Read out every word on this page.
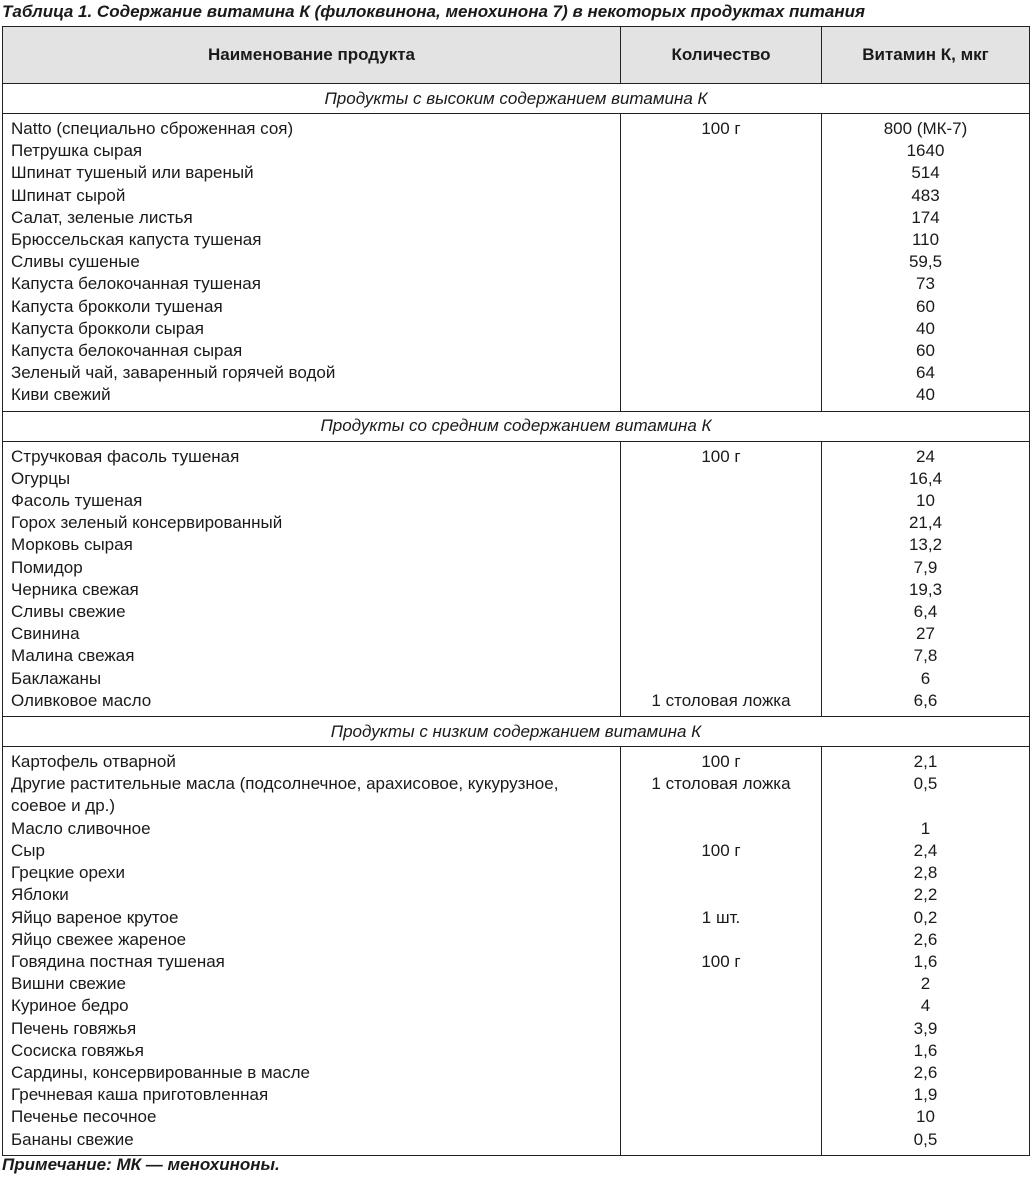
Таблица 1. Содержание витамина К (филоквинона, менохинона 7) в некоторых продуктах питания
Наименование продукта	Количество	Витамин К, мкг
Продукты с высоким содержанием витамина К		
Natto (специально сброженная соя)	100 г	800 (МК-7)
Петрушка сырая		1640
Шпинат тушеный или вареный		514
Шпинат сырой		483
Салат, зеленые листья		174
Брюссельская капуста тушеная		110
Сливы сушеные		59,5
Капуста белокочанная тушеная		73
Капуста брокколи тушеная		60
Капуста брокколи сырая		40
Капуста белокочанная сырая		60
Зеленый чай, заваренный горячей водой		64
Киви свежий		40
Продукты со средним содержанием витамина К		
Стручковая фасоль тушеная	100 г	24
Огурцы		16,4
Фасоль тушеная		10
Горох зеленый консервированный		21,4
Морковь сырая		13,2
Помидор		7,9
Черника свежая		19,3
Сливы свежие		6,4
Свинина		27
Малина свежая		7,8
Баклажаны		6
Оливковое масло	1 столовая ложка	6,6
Продукты с низким содержанием витамина К		
Картофель отварной	100 г	2,1
Другие растительные масла (подсолнечное, арахисовое, кукурузное, соевое и др.)	1 столовая ложка	0,5
Масло сливочное		1
Сыр	100 г	2,4
Грецкие орехи		2,8
Яблоки		2,2
Яйцо вареное крутое	1 шт.	0,2
Яйцо свежее жареное		2,6
Говядина постная тушеная	100 г	1,6
Вишни свежие		2
Куриное бедро		4
Печень говяжья		3,9
Сосиска говяжья		1,6
Сардины, консервированные в масле		2,6
Гречневая каша приготовленная		1,9
Печенье песочное		10
Бананы свежие		0,5
Примечание: МК — менохиноны.
